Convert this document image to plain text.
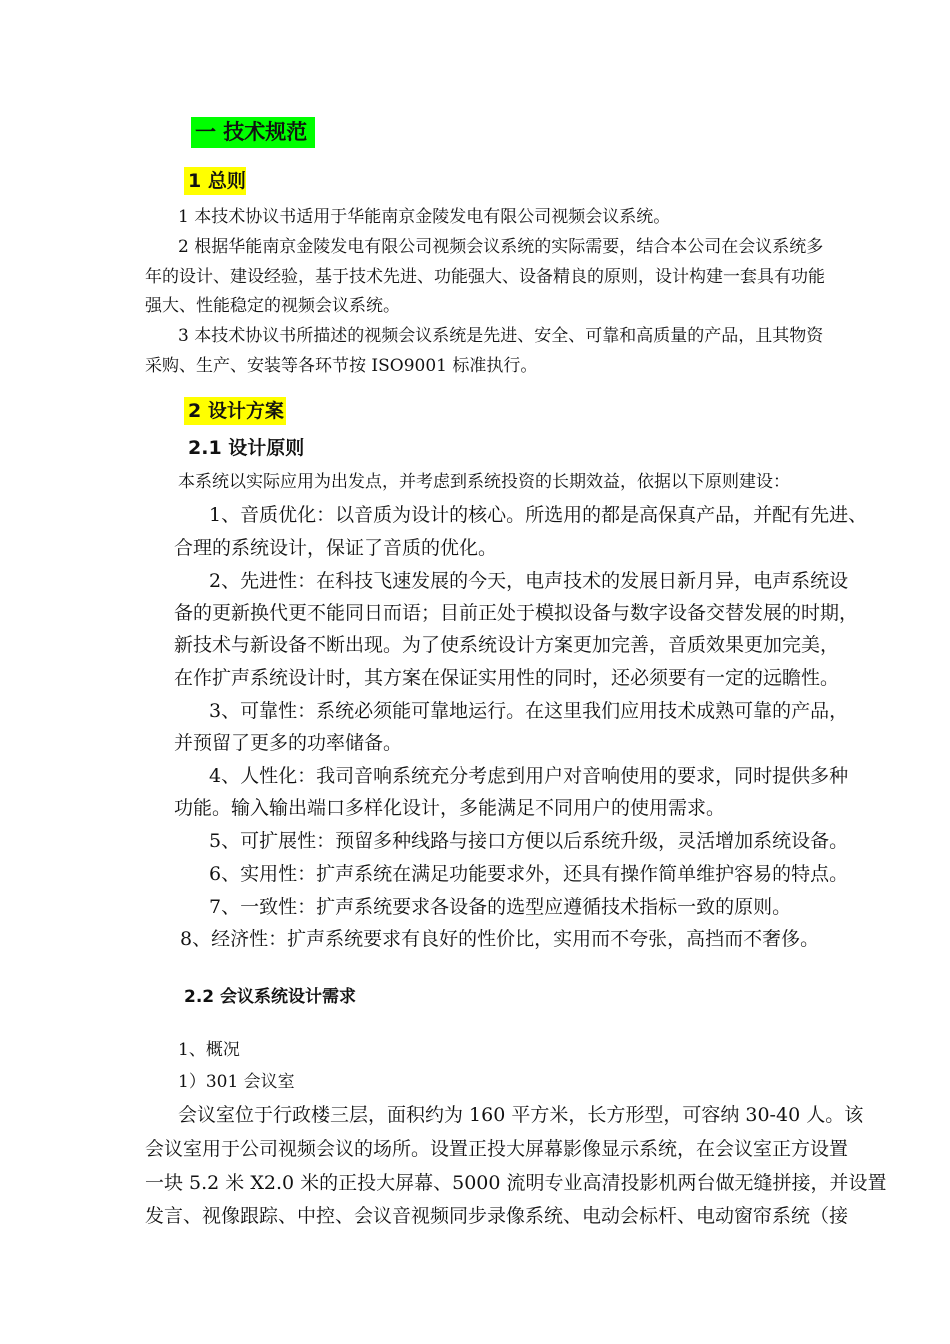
一 技术规范
1 总则
1 本技术协议书适用于华能南京金陵发电有限公司视频会议系统。
2 根据华能南京金陵发电有限公司视频会议系统的实际需要，结合本公司在会议系统多
年的设计、建设经验，基于技术先进、功能强大、设备精良的原则，设计构建一套具有功能
强大、性能稳定的视频会议系统。
3 本技术协议书所描述的视频会议系统是先进、安全、可靠和高质量的产品，且其物资
采购、生产、安装等各环节按 ISO9001 标准执行。
2 设计方案
2.1 设计原则
本系统以实际应用为出发点，并考虑到系统投资的长期效益，依据以下原则建设：
1、音质优化：以音质为设计的核心。所选用的都是高保真产品，并配有先进、
合理的系统设计，保证了音质的优化。
2、先进性：在科技飞速发展的今天，电声技术的发展日新月异，电声系统设
备的更新换代更不能同日而语；目前正处于模拟设备与数字设备交替发展的时期，
新技术与新设备不断出现。为了使系统设计方案更加完善，音质效果更加完美，
在作扩声系统设计时，其方案在保证实用性的同时，还必须要有一定的远瞻性。
3、可靠性：系统必须能可靠地运行。在这里我们应用技术成熟可靠的产品，
并预留了更多的功率储备。
4、人性化：我司音响系统充分考虑到用户对音响使用的要求，同时提供多种
功能。输入输出端口多样化设计，多能满足不同用户的使用需求。
5、可扩展性：预留多种线路与接口方便以后系统升级，灵活增加系统设备。
6、实用性：扩声系统在满足功能要求外，还具有操作简单维护容易的特点。
7、一致性：扩声系统要求各设备的选型应遵循技术指标一致的原则。
8、经济性：扩声系统要求有良好的性价比，实用而不夸张，高挡而不奢侈。
2.2 会议系统设计需求
1、概况
1）301 会议室
会议室位于行政楼三层，面积约为 160 平方米，长方形型，可容纳 30-40 人。该
会议室用于公司视频会议的场所。设置正投大屏幕影像显示系统，在会议室正方设置
一块 5.2 米 X2.0 米的正投大屏幕、5000 流明专业高清投影机两台做无缝拼接，并设置
发言、视像跟踪、中控、会议音视频同步录像系统、电动会标杆、电动窗帘系统（接
